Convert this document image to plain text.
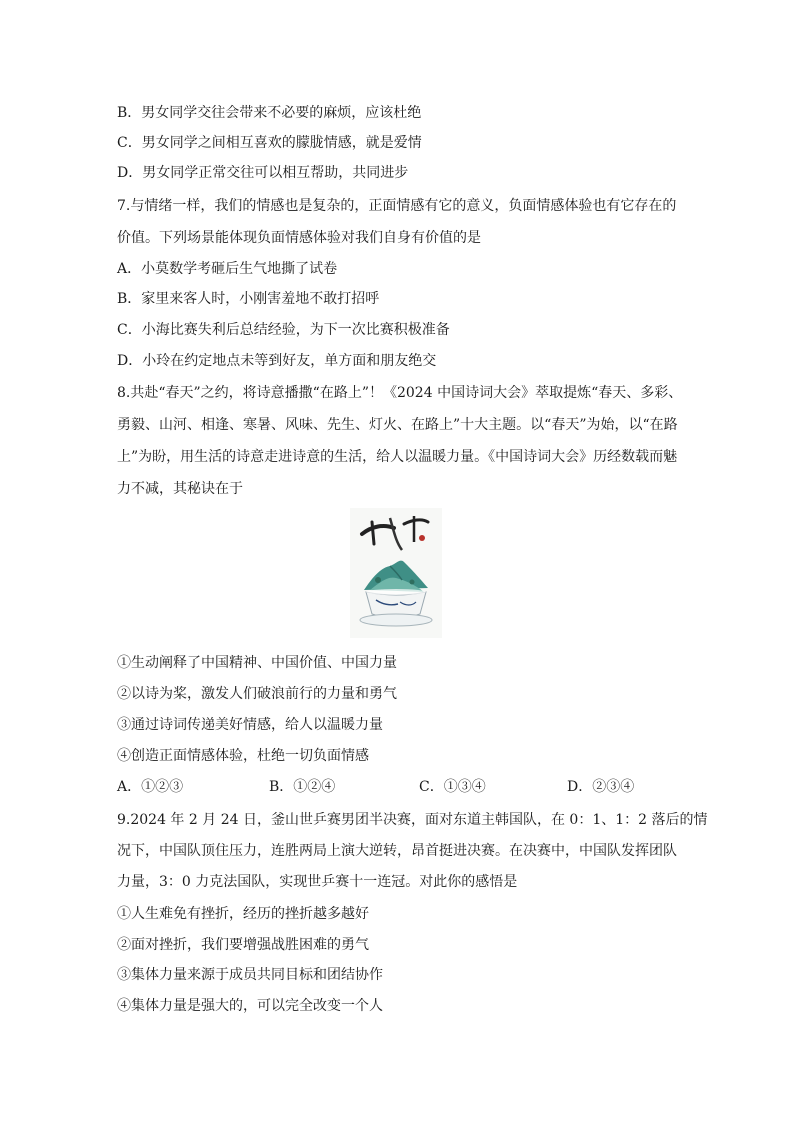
B．男女同学交往会带来不必要的麻烦，应该杜绝
C．男女同学之间相互喜欢的朦胧情感，就是爱情
D．男女同学正常交往可以相互帮助，共同进步
7.与情绪一样，我们的情感也是复杂的，正面情感有它的意义，负面情感体验也有它存在的
价值。下列场景能体现负面情感体验对我们自身有价值的是
A．小莫数学考砸后生气地撕了试卷
B．家里来客人时，小刚害羞地不敢打招呼
C．小海比赛失利后总结经验，为下一次比赛积极准备
D．小玲在约定地点未等到好友，单方面和朋友绝交
8.共赴“春天”之约，将诗意播撒“在路上”！《2024 中国诗词大会》萃取提炼“春天、多彩、
勇毅、山河、相逢、寒暑、风味、先生、灯火、在路上”十大主题。以“春天”为始，以“在路
上”为盼，用生活的诗意走进诗意的生活，给人以温暖力量。《中国诗词大会》历经数载而魅
力不减，其秘诀在于
①生动阐释了中国精神、中国价值、中国力量
②以诗为桨，激发人们破浪前行的力量和勇气
③通过诗词传递美好情感，给人以温暖力量
④创造正面情感体验，杜绝一切负面情感
A．①②③	B．①②④	C．①③④	D．②③④
9.2024 年 2 月 24 日，釜山世乒赛男团半决赛，面对东道主韩国队，在 0：1、1：2 落后的情
况下，中国队顶住压力，连胜两局上演大逆转，昂首挺进决赛。在决赛中，中国队发挥团队
力量，3：0 力克法国队，实现世乒赛十一连冠。对此你的感悟是
①人生难免有挫折，经历的挫折越多越好
②面对挫折，我们要增强战胜困难的勇气
③集体力量来源于成员共同目标和团结协作
④集体力量是强大的，可以完全改变一个人
